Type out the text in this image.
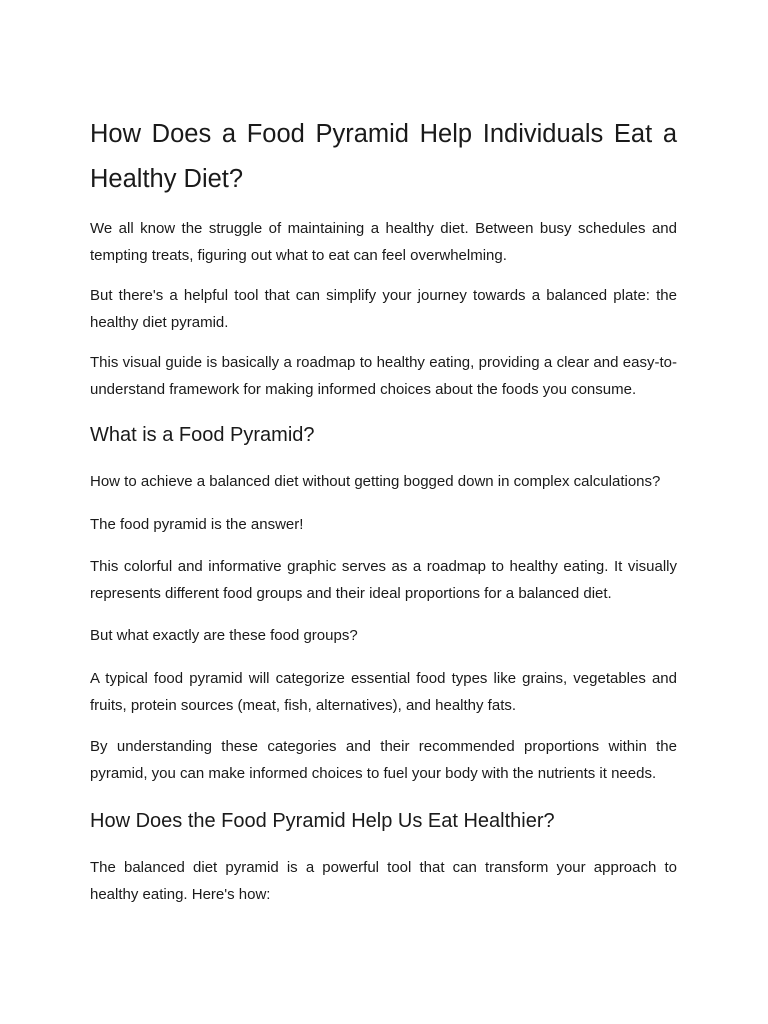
How Does a Food Pyramid Help Individuals Eat a Healthy Diet?

We all know the struggle of maintaining a healthy diet. Between busy schedules and tempting treats, figuring out what to eat can feel overwhelming.

But there's a helpful tool that can simplify your journey towards a balanced plate: the healthy diet pyramid.

This visual guide is basically a roadmap to healthy eating, providing a clear and easy-to-understand framework for making informed choices about the foods you consume.

What is a Food Pyramid?

How to achieve a balanced diet without getting bogged down in complex calculations?

The food pyramid is the answer!

This colorful and informative graphic serves as a roadmap to healthy eating. It visually represents different food groups and their ideal proportions for a balanced diet.

But what exactly are these food groups?

A typical food pyramid will categorize essential food types like grains, vegetables and fruits, protein sources (meat, fish, alternatives), and healthy fats.

By understanding these categories and their recommended proportions within the pyramid, you can make informed choices to fuel your body with the nutrients it needs.

How Does the Food Pyramid Help Us Eat Healthier?

The balanced diet pyramid is a powerful tool that can transform your approach to healthy eating. Here's how:
